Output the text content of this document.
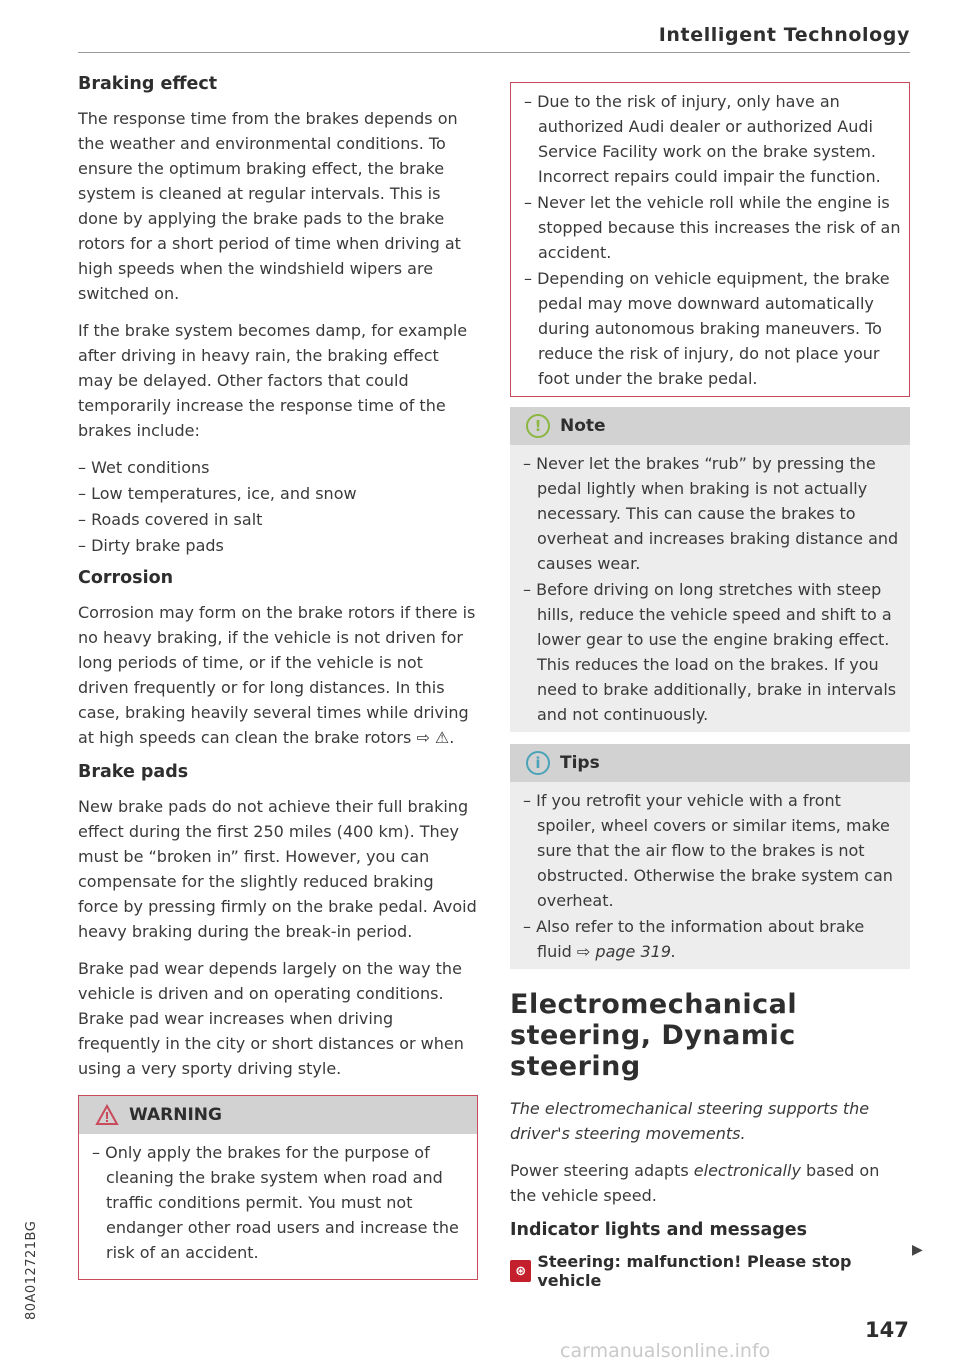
Intelligent Technology
Braking effect

The response time from the brakes depends on the weather and environmental conditions. To ensure the optimum braking effect, the brake system is cleaned at regular intervals. This is done by applying the brake pads to the brake rotors for a short period of time when driving at high speeds when the windshield wipers are switched on.

If the brake system becomes damp, for example after driving in heavy rain, the braking effect may be delayed. Other factors that could temporarily increase the response time of the brakes include:

– Wet conditions
– Low temperatures, ice, and snow
– Roads covered in salt
– Dirty brake pads
Corrosion

Corrosion may form on the brake rotors if there is no heavy braking, if the vehicle is not driven for long periods of time, or if the vehicle is not driven frequently or for long distances. In this case, braking heavily several times while driving at high speeds can clean the brake rotors ⇨ ⚠.

Brake pads

New brake pads do not achieve their full braking effect during the first 250 miles (400 km). They must be “broken in” first. However, you can compensate for the slightly reduced braking force by pressing firmly on the brake pedal. Avoid heavy braking during the break-in period.

Brake pad wear depends largely on the way the vehicle is driven and on operating conditions. Brake pad wear increases when driving frequently in the city or short distances or when using a very sporty driving style.

WARNING
– Only apply the brakes for the purpose of cleaning the brake system when road and traffic conditions permit. You must not endanger other road users and increase the risk of an accident.
– Due to the risk of injury, only have an authorized Audi dealer or authorized Audi Service Facility work on the brake system. Incorrect repairs could impair the function.
– Never let the vehicle roll while the engine is stopped because this increases the risk of an accident.
– Depending on vehicle equipment, the brake pedal may move downward automatically during autonomous braking maneuvers. To reduce the risk of injury, do not place your foot under the brake pedal.
!	Note
– Never let the brakes “rub” by pressing the pedal lightly when braking is not actually necessary. This can cause the brakes to overheat and increases braking distance and causes wear.
– Before driving on long stretches with steep hills, reduce the vehicle speed and shift to a lower gear to use the engine braking effect. This reduces the load on the brakes. If you need to brake additionally, brake in intervals and not continuously.
i	Tips
– If you retrofit your vehicle with a front spoiler, wheel covers or similar items, make sure that the air flow to the brakes is not obstructed. Otherwise the brake system can overheat.
– Also refer to the information about brake fluid ⇨ page 319.
Electromechanical steering, Dynamic steering

The electromechanical steering supports the driver's steering movements.

Power steering adapts electronically based on the vehicle speed.

Indicator lights and messages
⊛ Steering: malfunction! Please stop vehicle
▶
147
80A012721BG
carmanualsonline.info
